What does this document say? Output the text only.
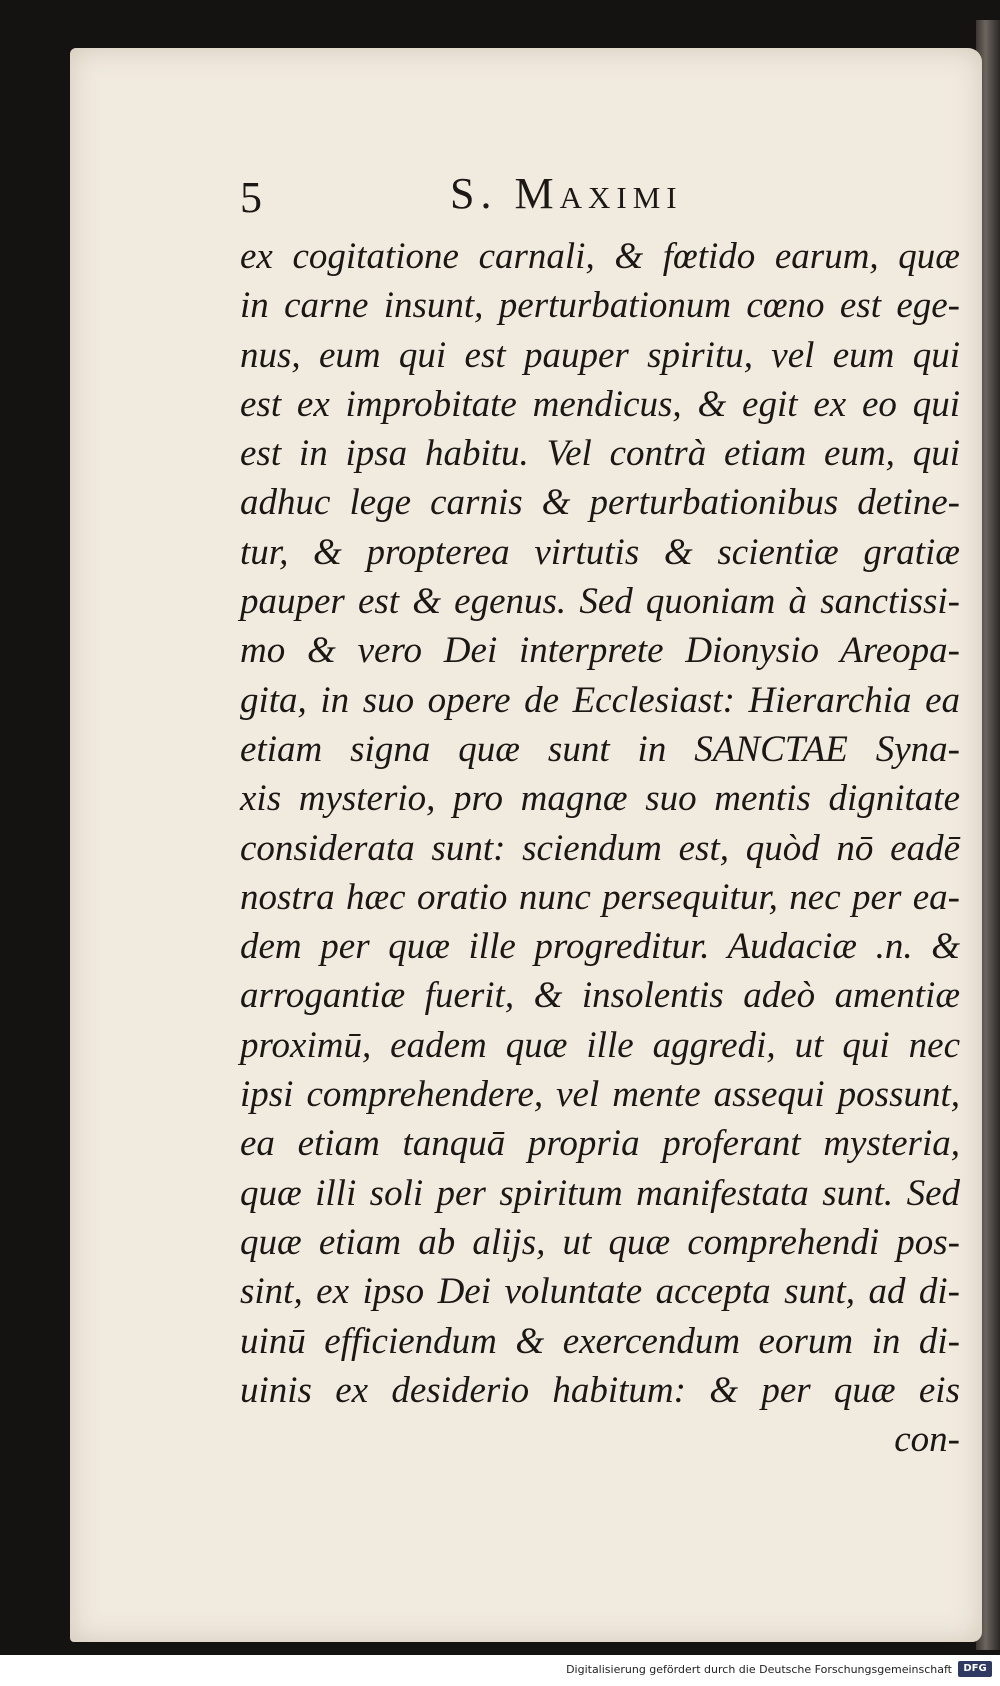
5	S. Maximi
ex cogitatione carnali, & fœtido earum, quæ
in carne insunt, perturbationum cœno est ege-
nus, eum qui est pauper spiritu, vel eum qui
est ex improbitate mendicus, & egit ex eo qui
est in ipsa habitu. Vel contrà etiam eum, qui
adhuc lege carnis & perturbationibus detine-
tur, & propterea virtutis & scientiæ gratiæ
pauper est & egenus. Sed quoniam à sanctissi-
mo & vero Dei interprete Dionysio Areopa-
gita, in suo opere de Ecclesiast: Hierarchia ea
etiam signa quæ sunt in SANCTAE Syna-
xis mysterio, pro magnæ suo mentis dignitate
considerata sunt: sciendum est, quòd nō eadē
nostra hæc oratio nunc persequitur, nec per ea-
dem per quæ ille progreditur. Audaciæ .n. &
arrogantiæ fuerit, & insolentis adeò amentiæ
proximū, eadem quæ ille aggredi, ut qui nec
ipsi comprehendere, vel mente assequi possunt,
ea etiam tanquā propria proferant mysteria,
quæ illi soli per spiritum manifestata sunt. Sed
quæ etiam ab alijs, ut quæ comprehendi pos-
sint, ex ipso Dei voluntate accepta sunt, ad di-
uinū efficiendum & exercendum eorum in di-
uinis ex desiderio habitum: & per quæ eis
con-
Digitalisierung gefördert durch die Deutsche Forschungsgemeinschaft	DFG
